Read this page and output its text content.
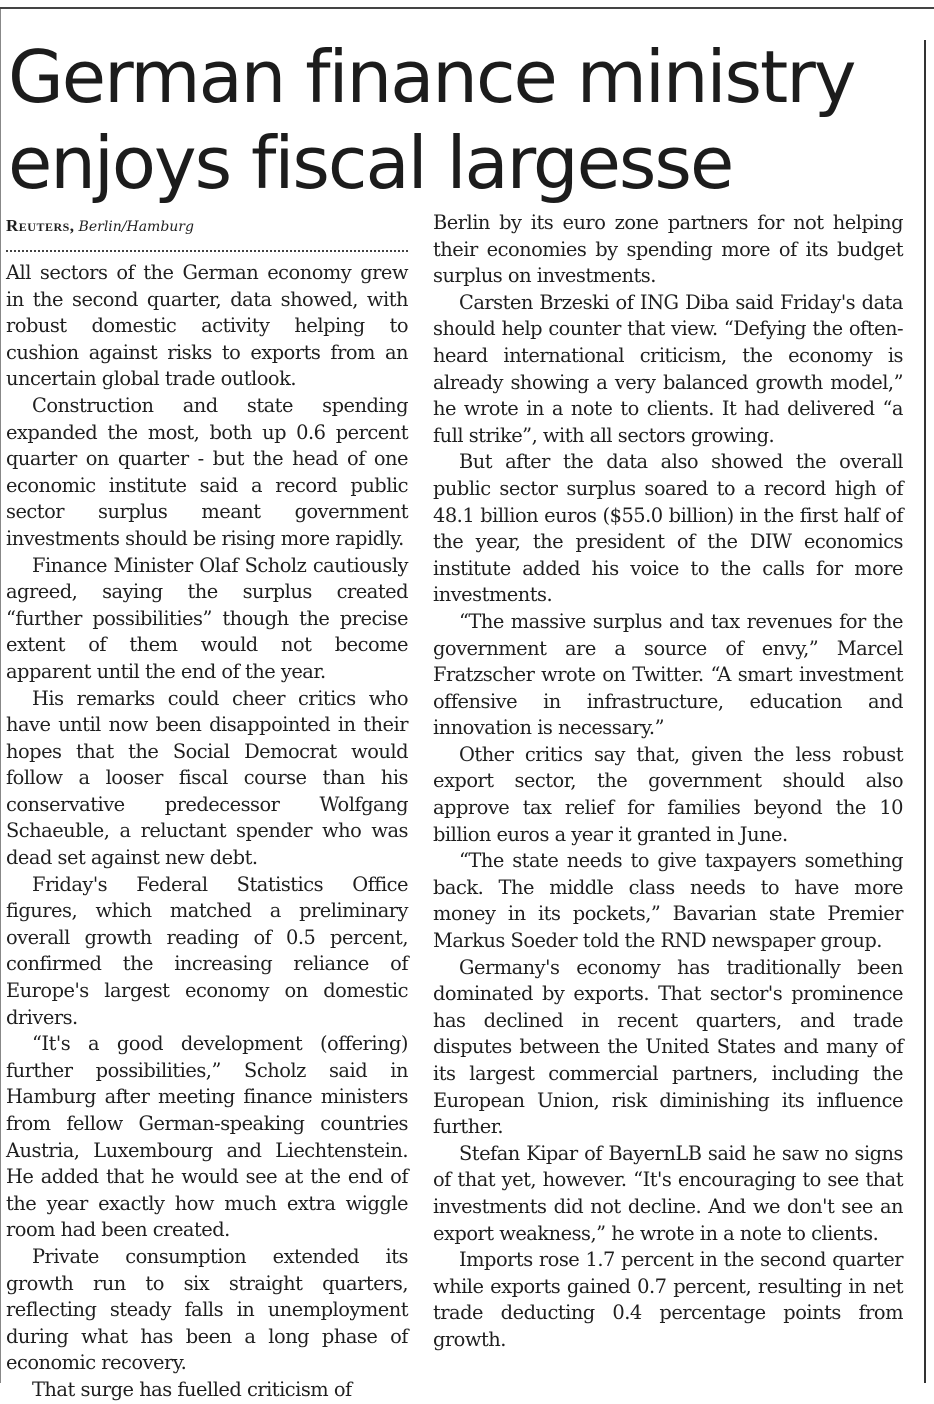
German finance ministry enjoys fiscal largesse
Reuters, Berlin/Hamburg

All sectors of the German economy grew in the second quarter, data showed, with robust domestic activity helping to cushion against risks to exports from an uncertain global trade outlook.

Construction and state spending expanded the most, both up 0.6 percent quarter on quarter - but the head of one economic institute said a record public sector surplus meant government investments should be rising more rapidly.

Finance Minister Olaf Scholz cautiously agreed, saying the surplus created “further possibilities” though the precise extent of them would not become apparent until the end of the year.

His remarks could cheer critics who have until now been disappointed in their hopes that the Social Democrat would follow a looser fiscal course than his conservative predecessor Wolfgang Schaeuble, a reluctant spender who was dead set against new debt.

Friday's Federal Statistics Office figures, which matched a preliminary overall growth reading of 0.5 percent, confirmed the increasing reliance of Europe's largest economy on domestic drivers.

“It's a good development (offering) further possibilities,” Scholz said in Hamburg after meeting finance ministers from fellow German-speaking countries Austria, Luxembourg and Liechtenstein. He added that he would see at the end of the year exactly how much extra wiggle room had been created.

Private consumption extended its growth run to six straight quarters, reflecting steady falls in unemployment during what has been a long phase of economic recovery.

That surge has fuelled criticism of

Berlin by its euro zone partners for not helping their economies by spending more of its budget surplus on investments.

Carsten Brzeski of ING Diba said Friday's data should help counter that view. “Defying the often-heard international criticism, the economy is already showing a very balanced growth model,” he wrote in a note to clients. It had delivered “a full strike”, with all sectors growing.

But after the data also showed the overall public sector surplus soared to a record high of 48.1 billion euros ($55.0 billion) in the first half of the year, the president of the DIW economics institute added his voice to the calls for more investments.

“The massive surplus and tax revenues for the government are a source of envy,” Marcel Fratzscher wrote on Twitter. “A smart investment offensive in infrastructure, education and innovation is necessary.”

Other critics say that, given the less robust export sector, the government should also approve tax relief for families beyond the 10 billion euros a year it granted in June.

“The state needs to give taxpayers something back. The middle class needs to have more money in its pockets,” Bavarian state Premier Markus Soeder told the RND newspaper group.

Germany's economy has traditionally been dominated by exports. That sector's prominence has declined in recent quarters, and trade disputes between the United States and many of its largest commercial partners, including the European Union, risk diminishing its influence further.

Stefan Kipar of BayernLB said he saw no signs of that yet, however. “It's encouraging to see that investments did not decline. And we don't see an export weakness,” he wrote in a note to clients.

Imports rose 1.7 percent in the second quarter while exports gained 0.7 percent, resulting in net trade deducting 0.4 percentage points from growth.
